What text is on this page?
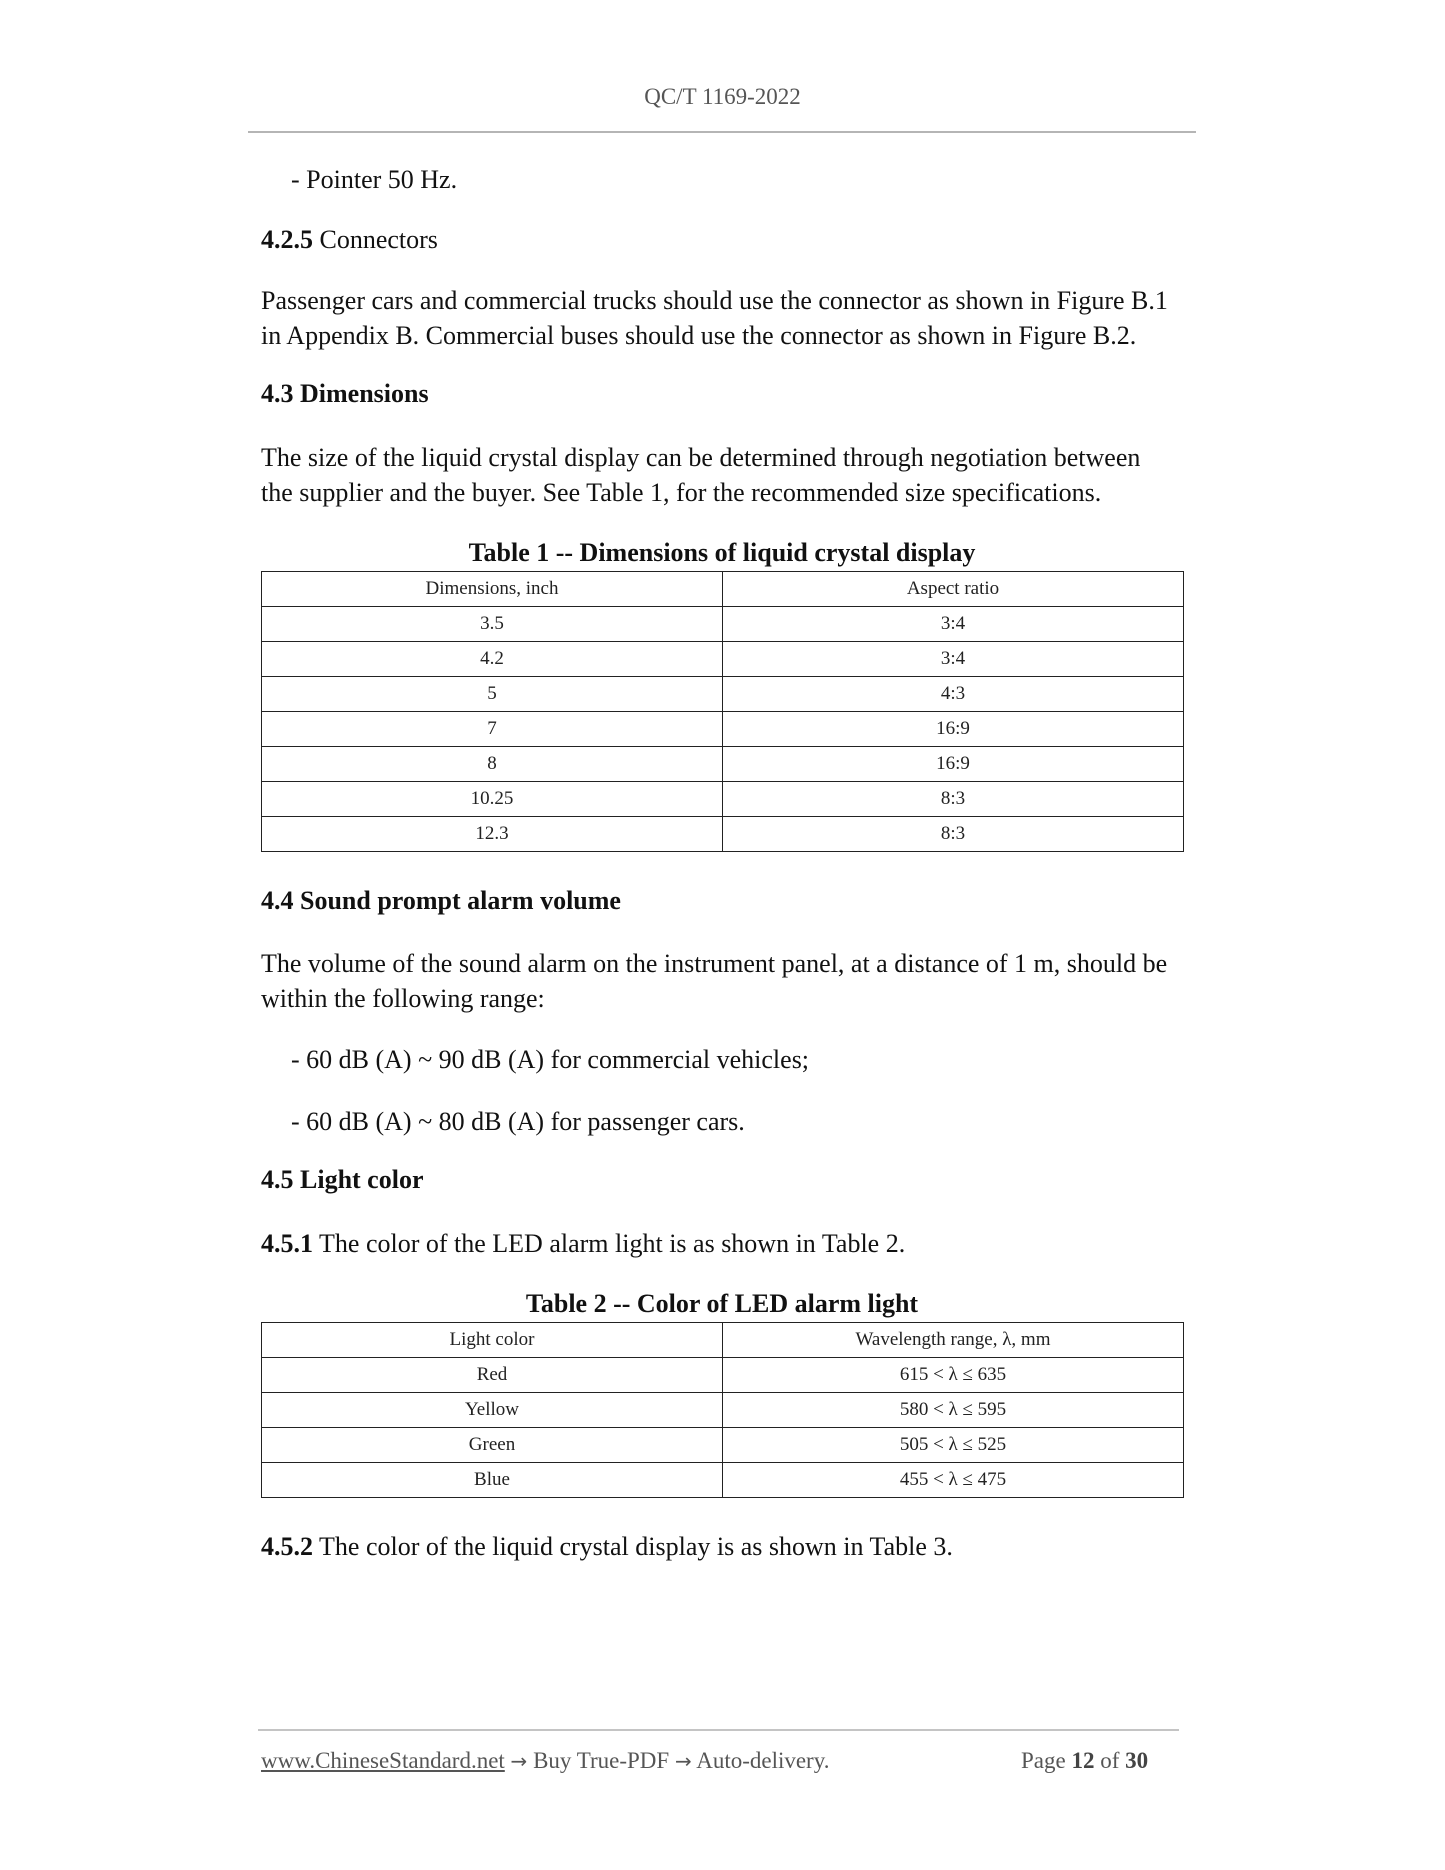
QC/T 1169-2022
- Pointer 50 Hz.
4.2.5 Connectors
Passenger cars and commercial trucks should use the connector as shown in Figure B.1
in Appendix B. Commercial buses should use the connector as shown in Figure B.2.
4.3 Dimensions
The size of the liquid crystal display can be determined through negotiation between
the supplier and the buyer. See Table 1, for the recommended size specifications.
Table 1 -- Dimensions of liquid crystal display
Dimensions, inch	Aspect ratio
3.5	3:4
4.2	3:4
5	4:3
7	16:9
8	16:9
10.25	8:3
12.3	8:3
4.4 Sound prompt alarm volume
The volume of the sound alarm on the instrument panel, at a distance of 1 m, should be
within the following range:
- 60 dB (A) ~ 90 dB (A) for commercial vehicles;
- 60 dB (A) ~ 80 dB (A) for passenger cars.
4.5 Light color
4.5.1 The color of the LED alarm light is as shown in Table 2.
Table 2 -- Color of LED alarm light
Light color	Wavelength range, λ, mm
Red	615 < λ ≤ 635
Yellow	580 < λ ≤ 595
Green	505 < λ ≤ 525
Blue	455 < λ ≤ 475
4.5.2 The color of the liquid crystal display is as shown in Table 3.
www.ChineseStandard.net → Buy True-PDF → Auto-delivery.	Page 12 of 30
